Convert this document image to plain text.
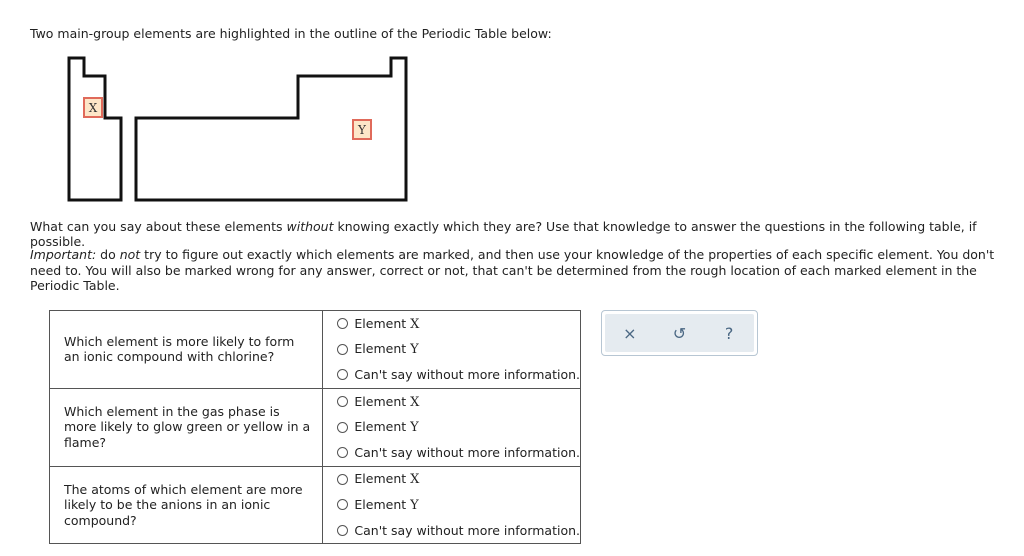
Two main-group elements are highlighted in the outline of the Periodic Table below:

X
Y

What can you say about these elements without knowing exactly which they are? Use that knowledge to answer the questions in the following table, if possible.

Important: do not try to figure out exactly which elements are marked, and then use your knowledge of the properties of each specific element. You don't need to. You will also be marked wrong for any answer, correct or not, that can't be determined from the rough location of each marked element in the Periodic Table.

Which element is more likely to form an ionic compound with chlorine?	Element X
Element Y
Can't say without more information.

Which element in the gas phase is more likely to glow green or yellow in a flame?	Element X
Element Y
Can't say without more information.

The atoms of which element are more likely to be the anions in an ionic compound?	Element X
Element Y
Can't say without more information.
×	↺	?
